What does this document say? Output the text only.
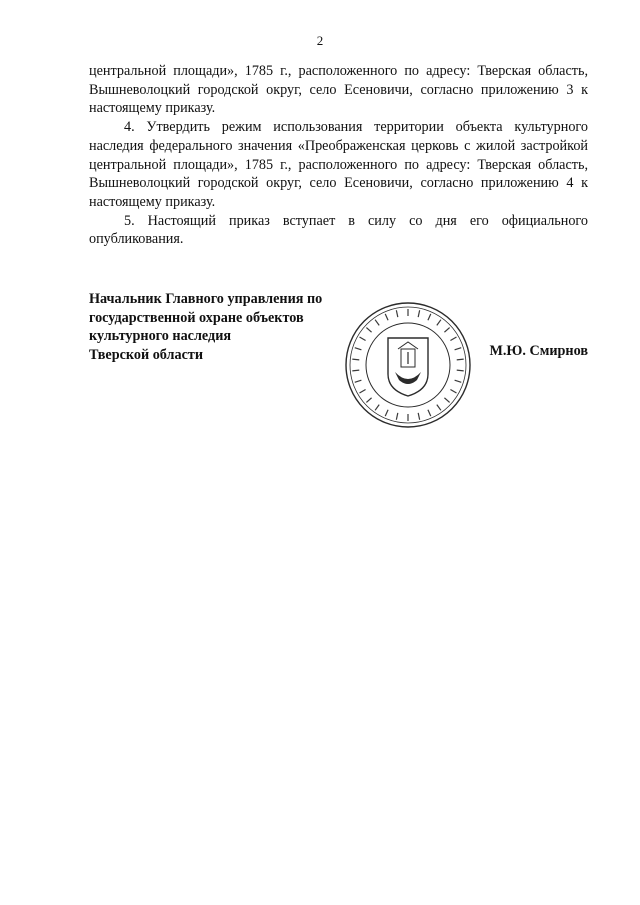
2

центральной площади», 1785 г., расположенного по адресу: Тверская область, Вышневолоцкий городской округ, село Есеновичи, согласно приложению 3 к настоящему приказу.

4. Утвердить режим использования территории объекта культурного наследия федерального значения «Преображенская церковь с жилой застройкой центральной площади», 1785 г., расположенного по адресу: Тверская область, Вышневолоцкий городской округ, село Есеновичи, согласно приложению 4 к настоящему приказу.

5. Настоящий приказ вступает в силу со дня его официального опубликования.

Начальник Главного управления по
государственной охране объектов
культурного наследия
Тверской области	М.Ю. Смирнов
